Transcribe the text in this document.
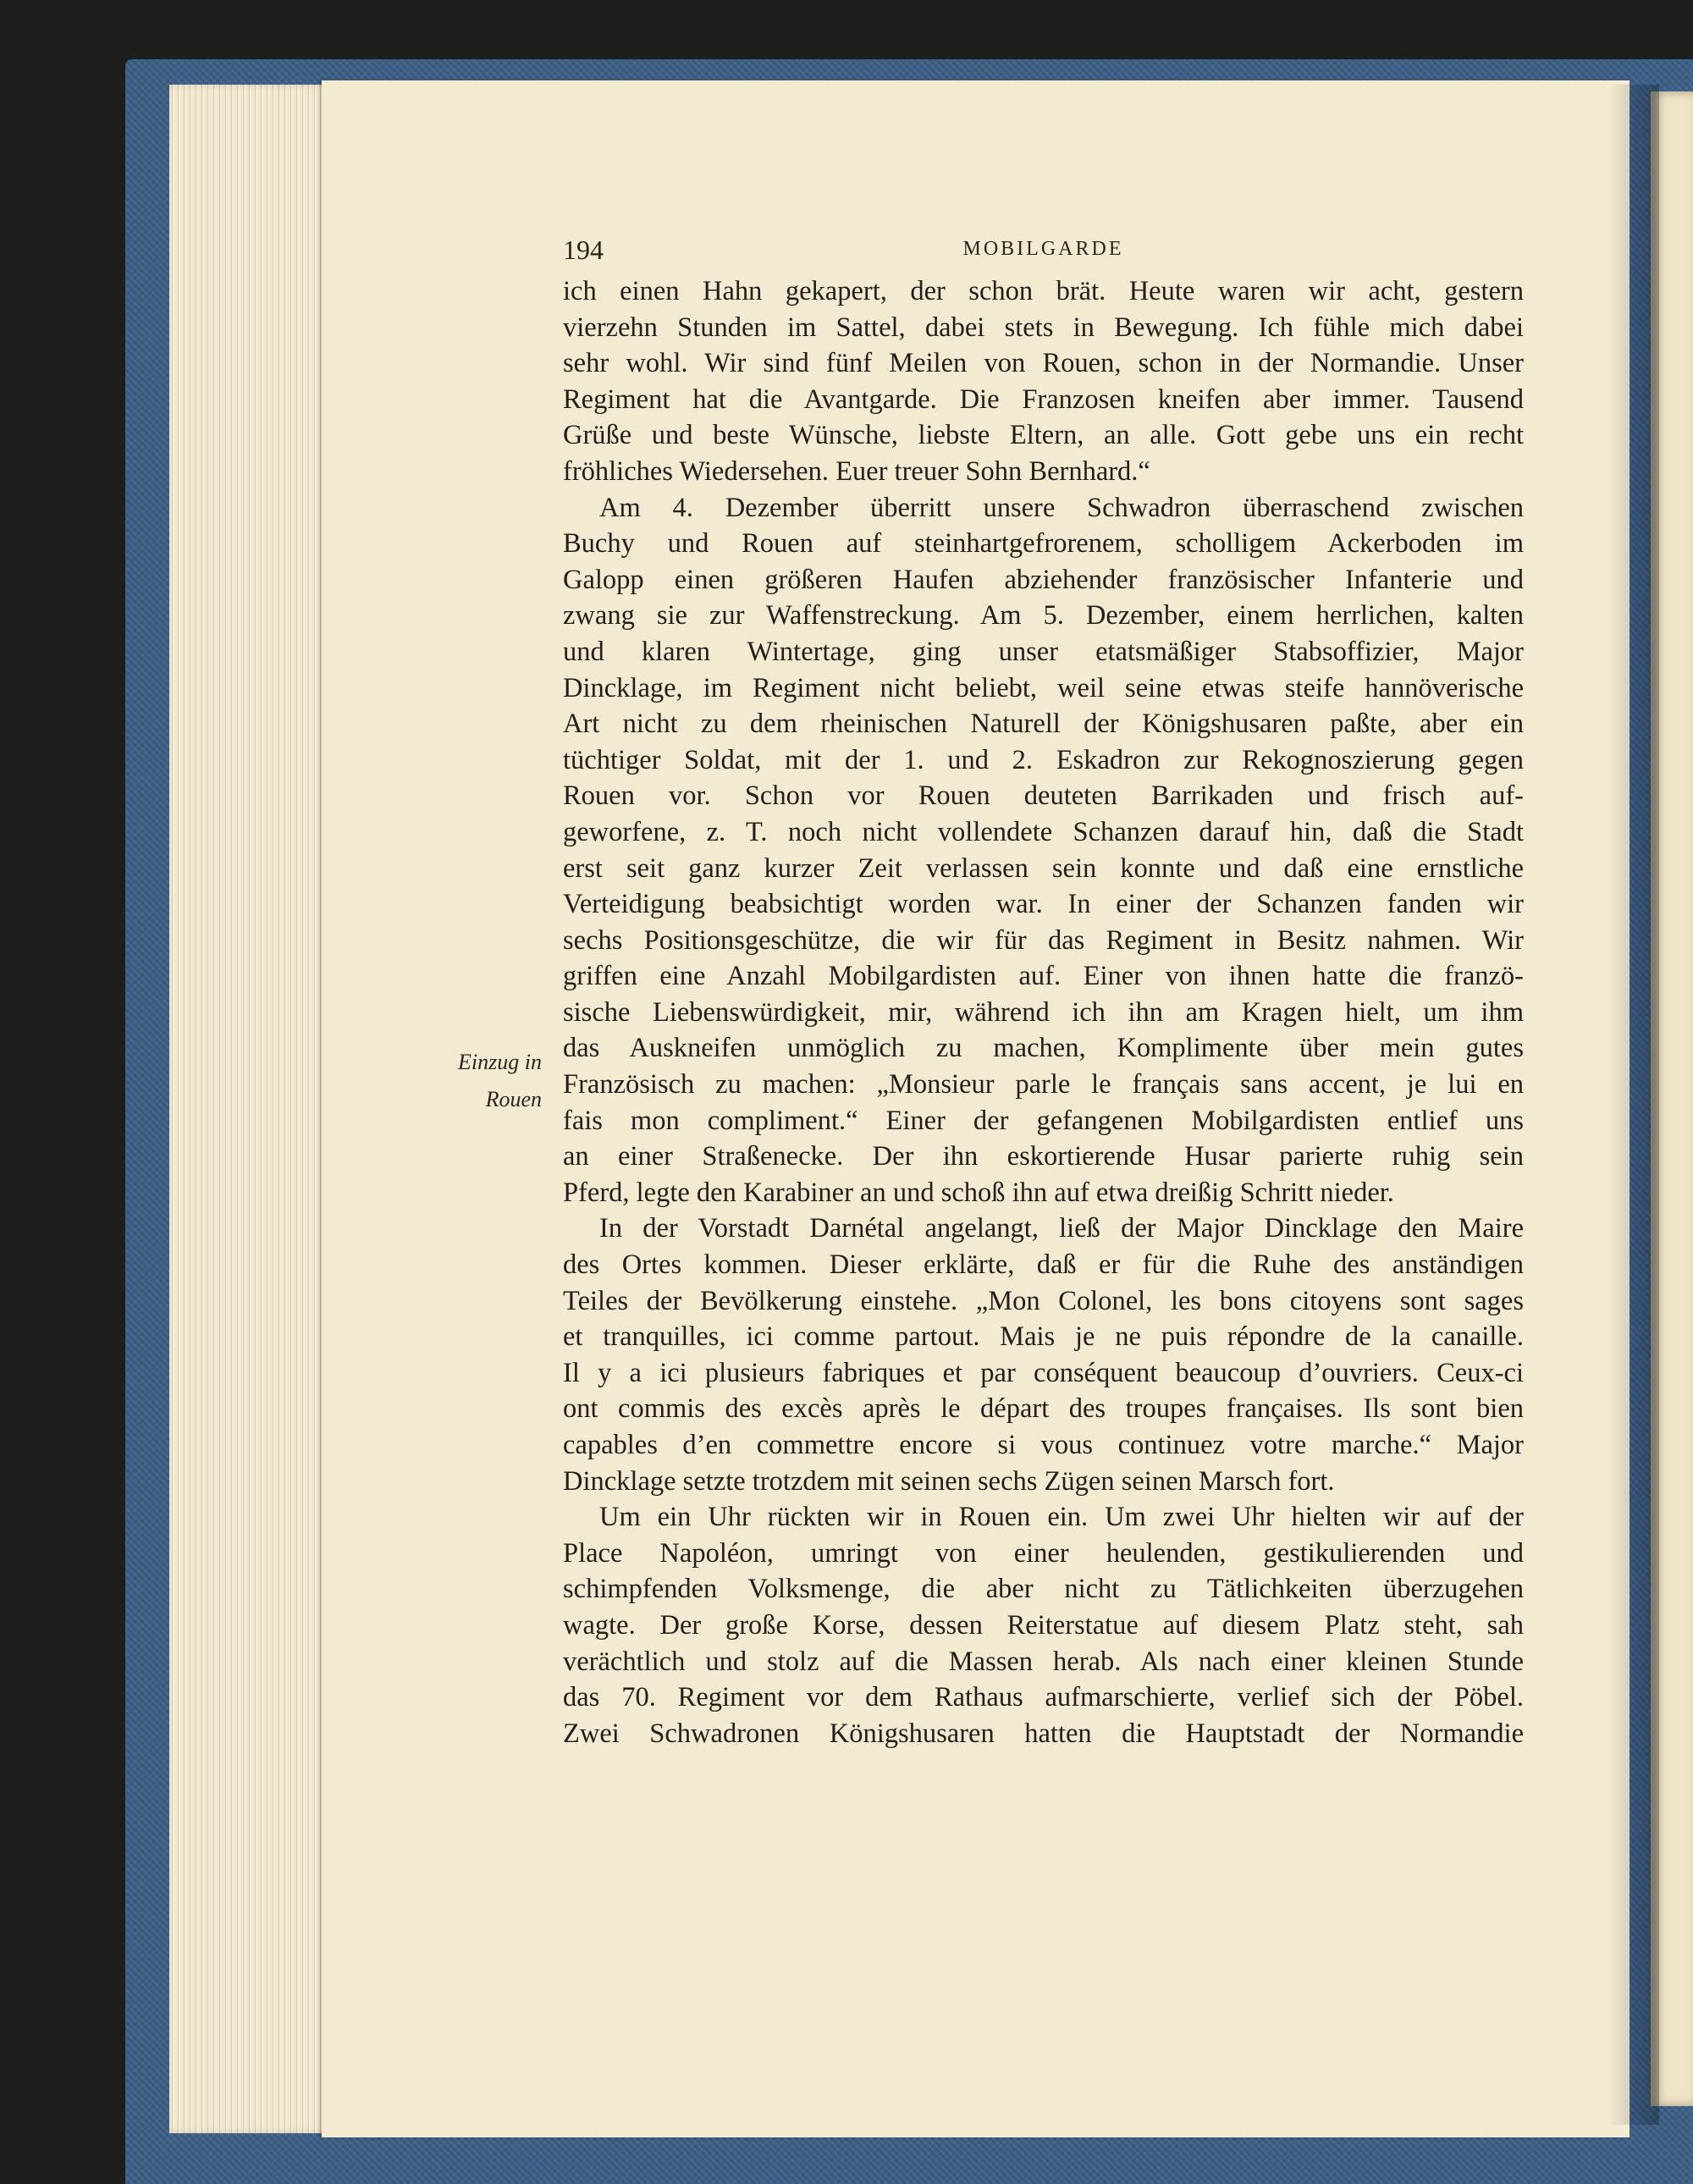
194	MOBILGARDE
Einzug in
Rouen
ich einen Hahn gekapert, der schon brät. Heute waren wir acht, gestern
vierzehn Stunden im Sattel, dabei stets in Bewegung. Ich fühle mich dabei
sehr wohl. Wir sind fünf Meilen von Rouen, schon in der Normandie. Unser
Regiment hat die Avantgarde. Die Franzosen kneifen aber immer. Tausend
Grüße und beste Wünsche, liebste Eltern, an alle. Gott gebe uns ein recht
fröhliches Wiedersehen. Euer treuer Sohn Bernhard.“
Am 4. Dezember überritt unsere Schwadron überraschend zwischen
Buchy und Rouen auf steinhartgefrorenem, scholligem Ackerboden im
Galopp einen größeren Haufen abziehender französischer Infanterie und
zwang sie zur Waffenstreckung. Am 5. Dezember, einem herrlichen, kalten
und klaren Wintertage, ging unser etatsmäßiger Stabsoffizier, Major
Dincklage, im Regiment nicht beliebt, weil seine etwas steife hannöverische
Art nicht zu dem rheinischen Naturell der Königshusaren paßte, aber ein
tüchtiger Soldat, mit der 1. und 2. Eskadron zur Rekognoszierung gegen
Rouen vor. Schon vor Rouen deuteten Barrikaden und frisch auf-
geworfene, z. T. noch nicht vollendete Schanzen darauf hin, daß die Stadt
erst seit ganz kurzer Zeit verlassen sein konnte und daß eine ernstliche
Verteidigung beabsichtigt worden war. In einer der Schanzen fanden wir
sechs Positionsgeschütze, die wir für das Regiment in Besitz nahmen. Wir
griffen eine Anzahl Mobilgardisten auf. Einer von ihnen hatte die franzö-
sische Liebenswürdigkeit, mir, während ich ihn am Kragen hielt, um ihm
das Auskneifen unmöglich zu machen, Komplimente über mein gutes
Französisch zu machen: „Monsieur parle le français sans accent, je lui en
fais mon compliment.“ Einer der gefangenen Mobilgardisten entlief uns
an einer Straßenecke. Der ihn eskortierende Husar parierte ruhig sein
Pferd, legte den Karabiner an und schoß ihn auf etwa dreißig Schritt nieder.
In der Vorstadt Darnétal angelangt, ließ der Major Dincklage den Maire
des Ortes kommen. Dieser erklärte, daß er für die Ruhe des anständigen
Teiles der Bevölkerung einstehe. „Mon Colonel, les bons citoyens sont sages
et tranquilles, ici comme partout. Mais je ne puis répondre de la canaille.
Il y a ici plusieurs fabriques et par conséquent beaucoup d’ouvriers. Ceux-ci
ont commis des excès après le départ des troupes françaises. Ils sont bien
capables d’en commettre encore si vous continuez votre marche.“ Major
Dincklage setzte trotzdem mit seinen sechs Zügen seinen Marsch fort.
Um ein Uhr rückten wir in Rouen ein. Um zwei Uhr hielten wir auf der
Place Napoléon, umringt von einer heulenden, gestikulierenden und
schimpfenden Volksmenge, die aber nicht zu Tätlichkeiten überzugehen
wagte. Der große Korse, dessen Reiterstatue auf diesem Platz steht, sah
verächtlich und stolz auf die Massen herab. Als nach einer kleinen Stunde
das 70. Regiment vor dem Rathaus aufmarschierte, verlief sich der Pöbel.
Zwei Schwadronen Königshusaren hatten die Hauptstadt der Normandie
